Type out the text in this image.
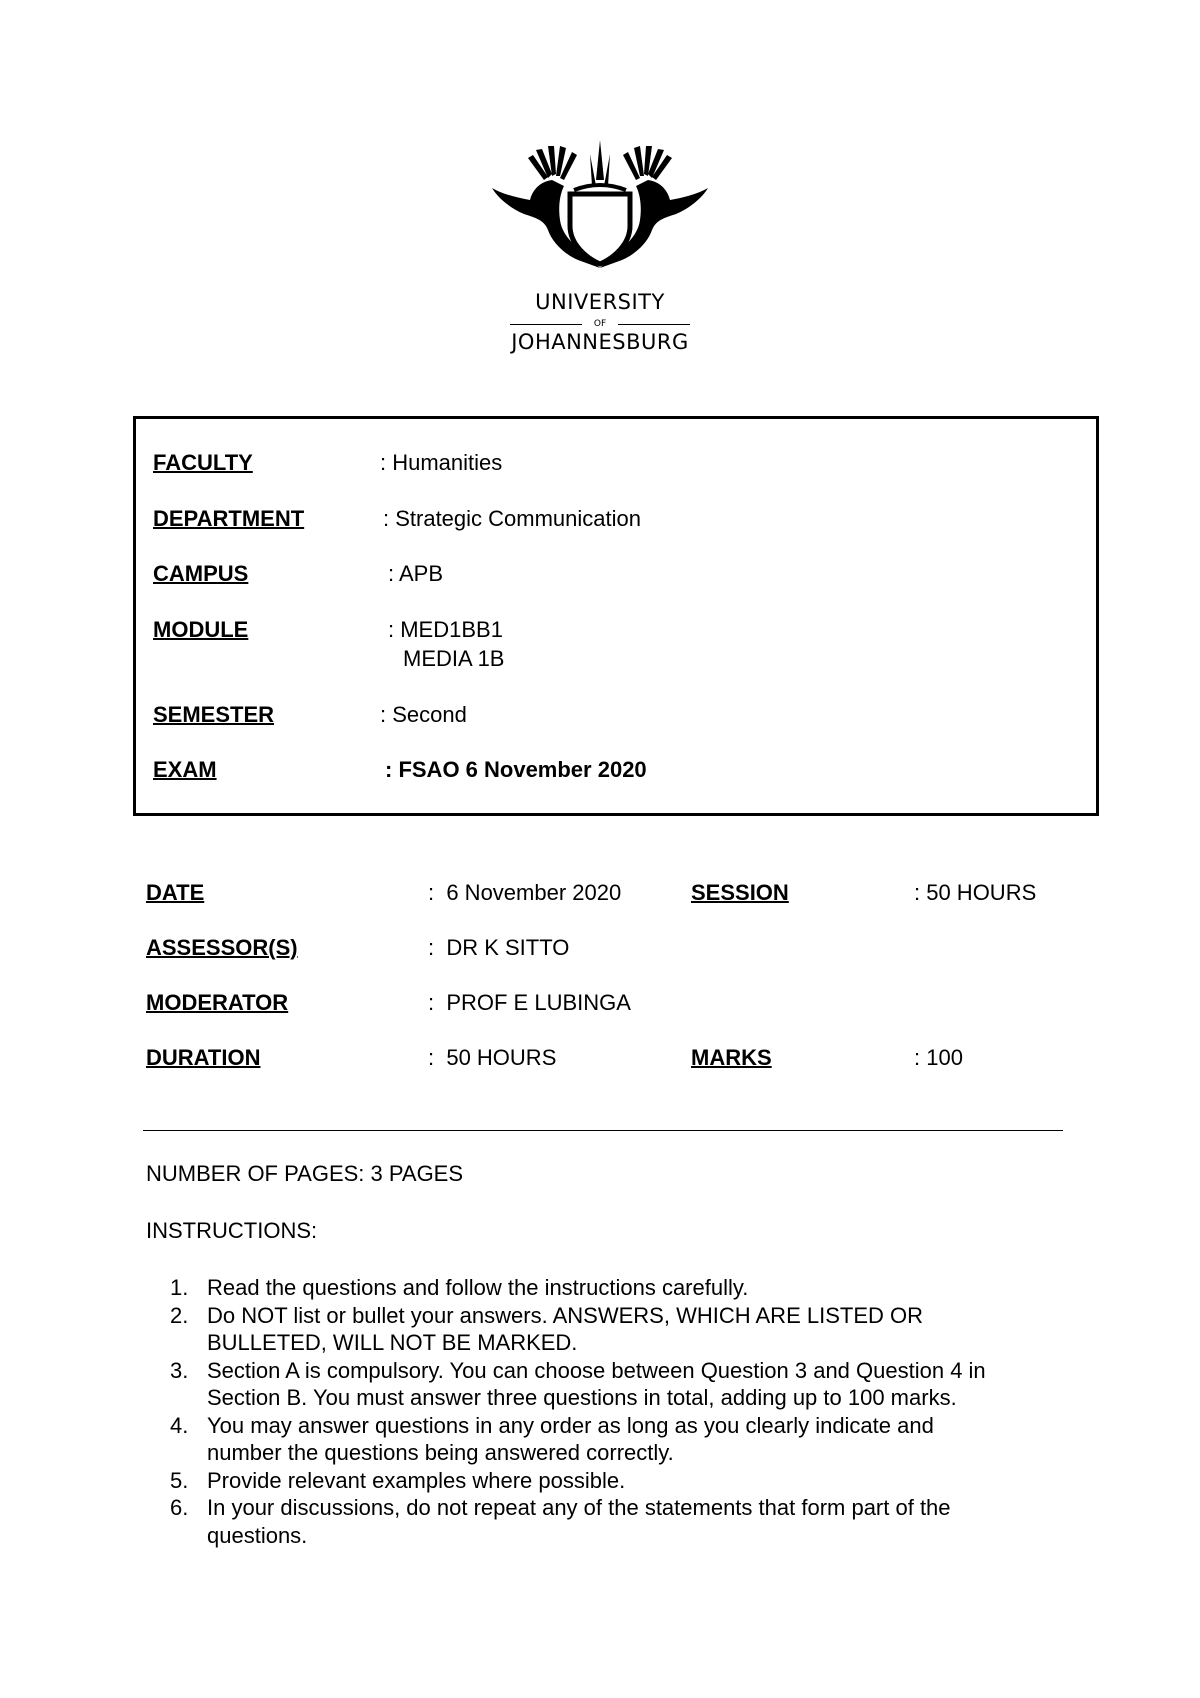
UNIVERSITY
OF
JOHANNESBURG
FACULTY	: Humanities
DEPARTMENT	: Strategic Communication
CAMPUS	: APB
MODULE	: MED1BB1
MEDIA 1B
SEMESTER	: Second
EXAM	: FSAO 6 November 2020
DATE	:  6 November 2020	SESSION	: 50 HOURS
ASSESSOR(S)	:  DR K SITTO
MODERATOR	:  PROF E LUBINGA
DURATION	:  50 HOURS	MARKS	: 100
NUMBER OF PAGES: 3 PAGES
INSTRUCTIONS:
1. Read the questions and follow the instructions carefully.
2. Do NOT list or bullet your answers. ANSWERS, WHICH ARE LISTED OR
BULLETED, WILL NOT BE MARKED.
3. Section A is compulsory. You can choose between Question 3 and Question 4 in
Section B. You must answer three questions in total, adding up to 100 marks.
4. You may answer questions in any order as long as you clearly indicate and
number the questions being answered correctly.
5. Provide relevant examples where possible.
6. In your discussions, do not repeat any of the statements that form part of the
questions.
